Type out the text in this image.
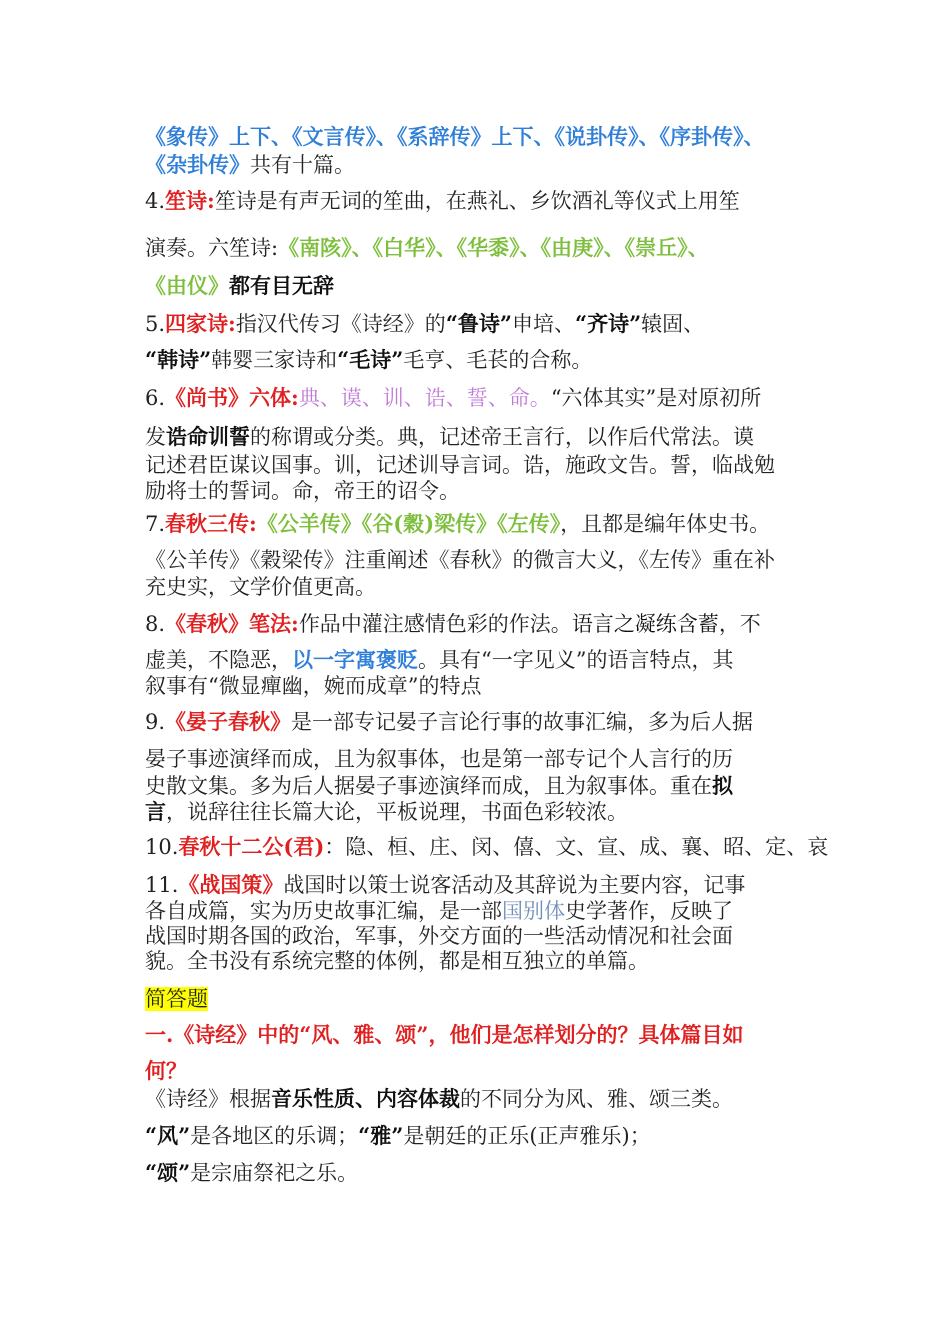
《象传》上下、《文言传》、《系辞传》上下、《说卦传》、《序卦传》、
《杂卦传》共有十篇。
4.笙诗:笙诗是有声无词的笙曲，在燕礼、乡饮酒礼等仪式上用笙
演奏。六笙诗:《南陔》、《白华》、《华黍》、《由庚》、《崇丘》、
《由仪》都有目无辞
5.四家诗:指汉代传习《诗经》的“鲁诗”申培、“齐诗”辕固、
“韩诗”韩婴三家诗和“毛诗”毛亨、毛苌的合称。
6.《尚书》六体:典、谟、训、诰、誓、命。“六体其实”是对原初所
发诰命训誓的称谓或分类。典，记述帝王言行，以作后代常法。谟
记述君臣谋议国事。训，记述训导言词。诰，施政文告。誓，临战勉
励将士的誓词。命，帝王的诏令。
7.春秋三传:《公羊传》《谷(穀)梁传》《左传》，且都是编年体史书。
《公羊传》《穀梁传》注重阐述《春秋》的微言大义，《左传》重在补
充史实，文学价值更高。
8.《春秋》笔法:作品中灌注感情色彩的作法。语言之凝练含蓄，不
虚美，不隐恶，以一字寓褒贬。具有“一字见义”的语言特点，其
叙事有“微显癉幽，婉而成章”的特点
9.《晏子春秋》是一部专记晏子言论行事的故事汇编，多为后人据
晏子事迹演绎而成，且为叙事体，也是第一部专记个人言行的历
史散文集。多为后人据晏子事迹演绎而成，且为叙事体。重在拟
言，说辞往往长篇大论，平板说理，书面色彩较浓。
10.春秋十二公(君)：隐、桓、庄、闵、僖、文、宣、成、襄、昭、定、哀
11.《战国策》战国时以策士说客活动及其辞说为主要内容，记事
各自成篇，实为历史故事汇编，是一部国别体史学著作，反映了
战国时期各国的政治，军事，外交方面的一些活动情况和社会面
貌。全书没有系统完整的体例，都是相互独立的单篇。
简答题
一.《诗经》中的“风、雅、颂”，他们是怎样划分的？具体篇目如
何？
《诗经》根据音乐性质、内容体裁的不同分为风、雅、颂三类。
“风”是各地区的乐调；“雅”是朝廷的正乐(正声雅乐)；
“颂”是宗庙祭祀之乐。
